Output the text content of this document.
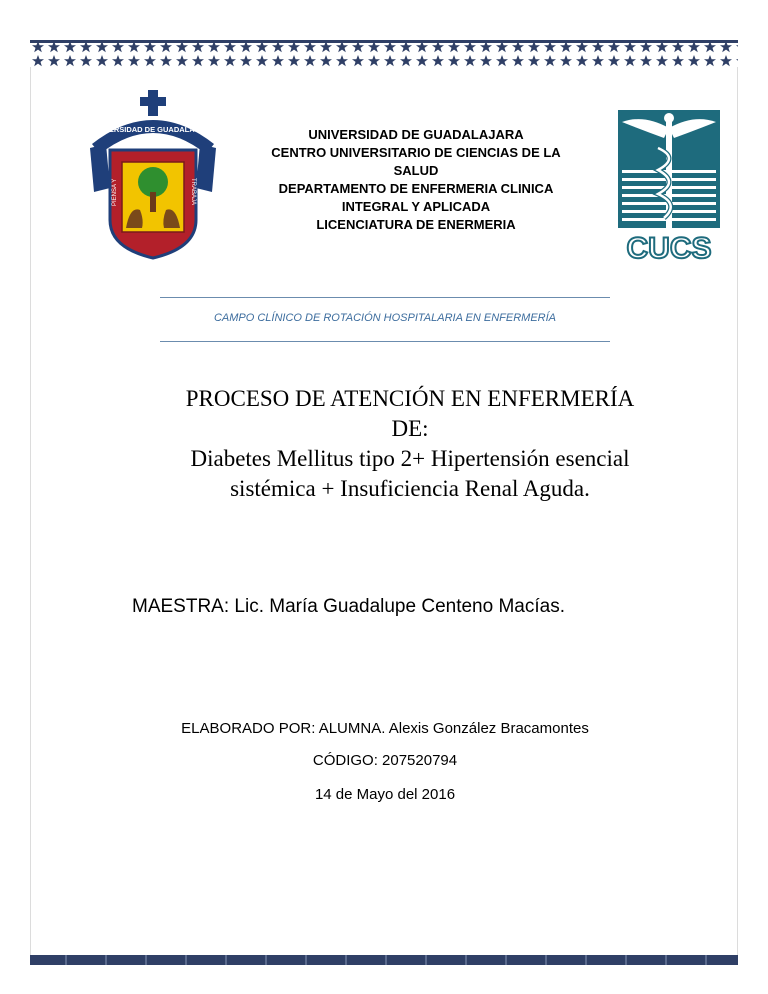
UNIVERSIDAD DE GUADALAJARA
PIENSA Y	TRABAJA
UNIVERSIDAD DE GUADALAJARA
CENTRO UNIVERSITARIO DE CIENCIAS DE LA
SALUD
DEPARTAMENTO DE ENFERMERIA CLINICA
INTEGRAL Y APLICADA
LICENCIATURA DE ENERMERIA
CUCS
CAMPO CLÍNICO DE ROTACIÓN HOSPITALARIA EN ENFERMERÍA
PROCESO DE ATENCIÓN EN ENFERMERÍA
DE:
Diabetes Mellitus tipo 2+ Hipertensión esencial
sistémica + Insuficiencia Renal Aguda.
MAESTRA: Lic. María Guadalupe Centeno Macías.
ELABORADO POR: ALUMNA. Alexis González Bracamontes
CÓDIGO: 207520794
14 de Mayo del 2016
